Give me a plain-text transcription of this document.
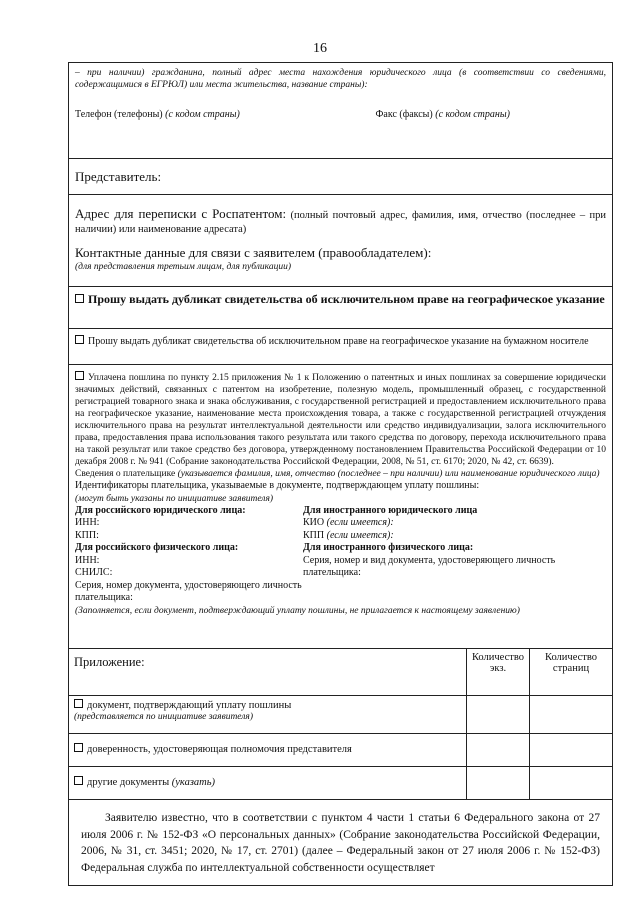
16
– при наличии) гражданина, полный адрес места нахождения юридического лица (в соответствии со сведениями, содержащимися в ЕГРЮЛ) или места жительства, название страны):
Телефон (телефоны) (с кодом страны)	Факс (факсы) (с кодом страны)
Представитель:
Адрес для переписки с Роспатентом: (полный почтовый адрес, фамилия, имя, отчество (последнее – при наличии) или наименование адресата)
Контактные данные для связи с заявителем (правообладателем):
(для представления третьим лицам, для публикации)
Прошу выдать дубликат свидетельства об исключительном праве на географическое указание
Прошу выдать дубликат свидетельства об исключительном праве на географическое указание на бумажном носителе
Уплачена пошлина по пункту 2.15 приложения № 1 к Положению о патентных и иных пошлинах за совершение юридически значимых действий, связанных с патентом на изобретение, полезную модель, промышленный образец, с государственной регистрацией товарного знака и знака обслуживания, с государственной регистрацией и предоставлением исключительного права на географическое указание, наименование места происхождения товара, а также с государственной регистрацией отчуждения исключительного права на результат интеллектуальной деятельности или средство индивидуализации, залога исключительного права, предоставления права использования такого результата или такого средства по договору, перехода исключительного права на такой результат или такое средство без договора, утвержденному постановлением Правительства Российской Федерации от 10 декабря 2008 г. № 941 (Собрание законодательства Российской Федерации, 2008, № 51, ст. 6170; 2020, № 42, ст. 6639).
Сведения о плательщике (указывается фамилия, имя, отчество (последнее – при наличии) или наименование юридического лица)
Идентификаторы плательщика, указываемые в документе, подтверждающем уплату пошлины:
(могут быть указаны по инициативе заявителя)
Для российского юридического лица:
ИНН:
КПП:
Для иностранного юридического лица
КИО (если имеется):
КПП (если имеется):
Для российского физического лица:
ИНН:
СНИЛС:
Серия, номер документа, удостоверяющего личность плательщика:
Для иностранного физического лица:
Серия, номер и вид документа, удостоверяющего личность плательщика:
(Заполняется, если документ, подтверждающий уплату пошлины, не прилагается к настоящему заявлению)
Приложение:	Количество экз.	Количество страниц
документ, подтверждающий уплату пошлины
(представляется по инициативе заявителя)		
доверенность, удостоверяющая полномочия представителя		
другие документы (указать)		
Заявителю известно, что в соответствии с пунктом 4 части 1 статьи 6 Федерального закона от 27 июля 2006 г. № 152-ФЗ «О персональных данных» (Собрание законодательства Российской Федерации, 2006, № 31, ст. 3451; 2020, № 17, ст. 2701) (далее – Федеральный закон от 27 июля 2006 г. № 152-ФЗ) Федеральная служба по интеллектуальной собственности осуществляет
